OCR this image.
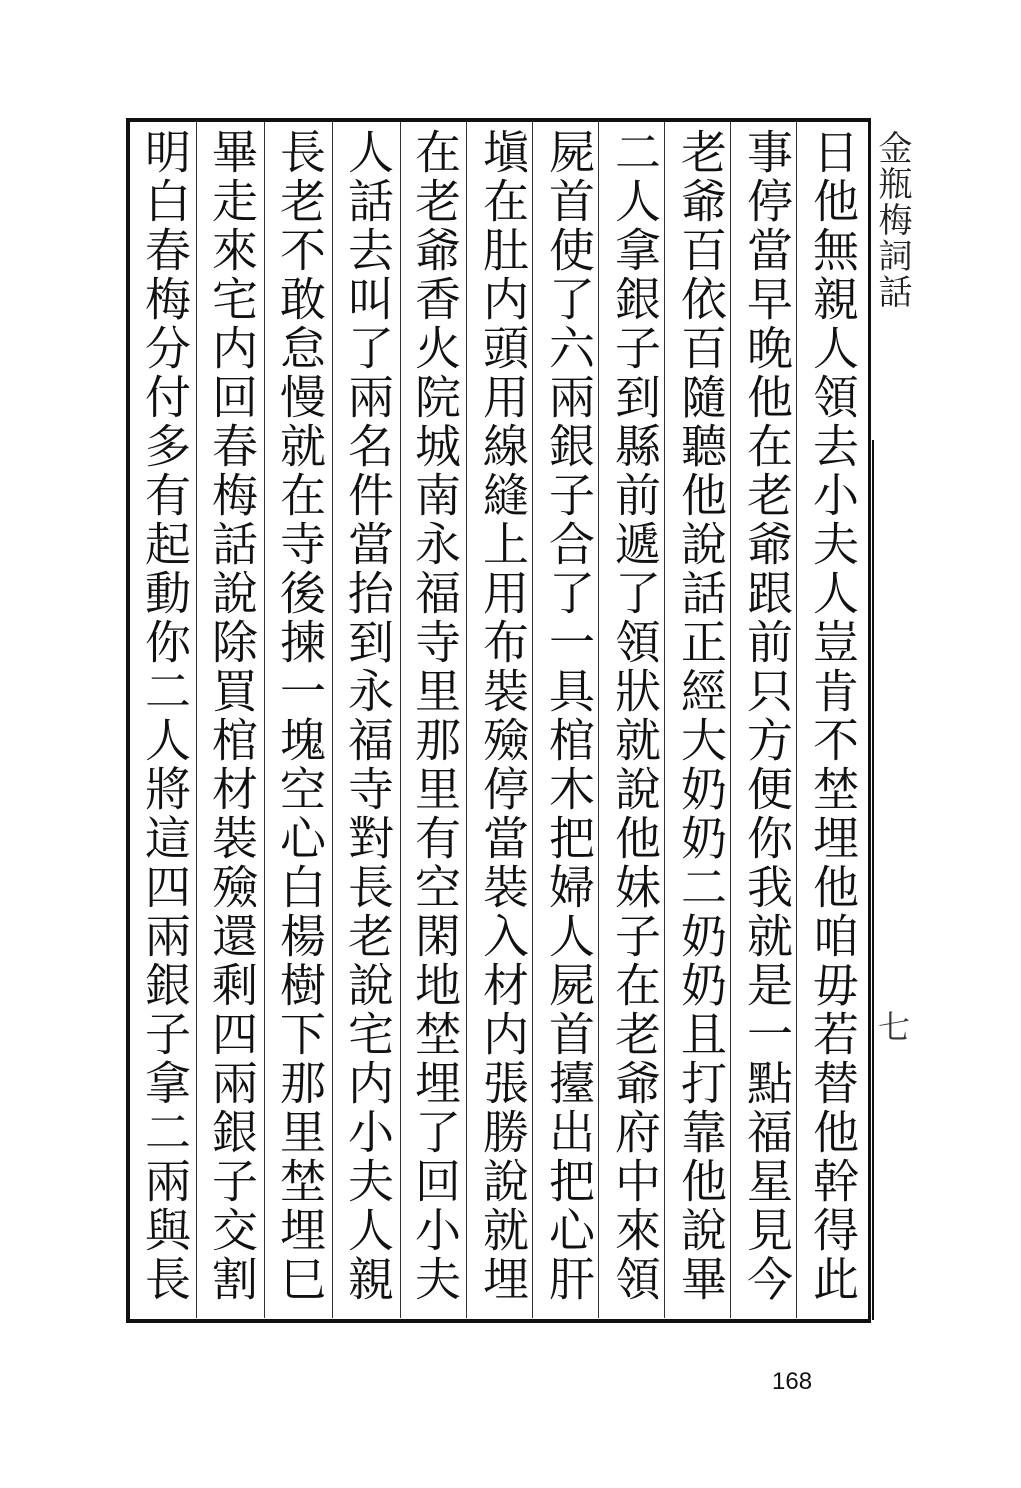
金瓶梅詞話
七
日他無親人領去小夫人豈肯不埜埋他咱毋若替他幹得此
事停當早晚他在老爺跟前只方便你我就是一點福星見今
老爺百依百隨聽他說話正經大奶奶二奶奶且打靠他說畢
二人拿銀子到縣前遞了領狀就說他妹子在老爺府中來領
屍首使了六兩銀子合了一具棺木把婦人屍首擡出把心肝
塡在肚内頭用線縫上用布裝殮停當裝入材内張勝說就埋
在老爺香火院城南永福寺里那里有空閑地埜埋了回小夫
人話去叫了兩名件當抬到永福寺對長老說宅内小夫人親
長老不敢怠慢就在寺後揀一塊空心白楊樹下那里埜埋巳
畢走來宅内回春梅話說除買棺材裝殮還剩四兩銀子交割
明白春梅分付多有起動你二人將這四兩銀子拿二兩與長
168
